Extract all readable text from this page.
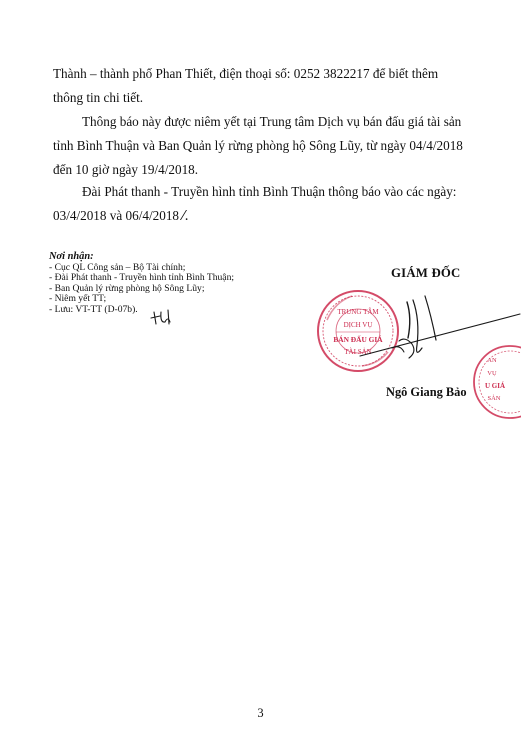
Thành – thành phố Phan Thiết, điện thoại số: 0252 3822217 để biết thêm
thông tin chi tiết.
Thông báo này được niêm yết tại Trung tâm Dịch vụ bán đấu giá tài sản
tỉnh Bình Thuận và Ban Quản lý rừng phòng hộ Sông Lũy, từ ngày 04/4/2018
đến 10 giờ ngày 19/4/2018.
Đài Phát thanh - Truyền hình tỉnh Bình Thuận thông báo vào các ngày:
03/4/2018 và 06/4/2018 ⁄.
Nơi nhận:
- Cục QL Công sản – Bộ Tài chính;
- Đài Phát thanh - Truyền hình tỉnh Bình Thuận;
- Ban Quản lý rừng phòng hộ Sông Lũy;
- Niêm yết TT;
- Lưu: VT-TT (D-07b).
GIÁM ĐỐC
Ngô Giang Bảo
TRUNG TÂM
DỊCH VỤ
BÁN ĐẤU GIÁ
TÀI SẢN
AN
VỤ
U GIÁ
SẢN
3
